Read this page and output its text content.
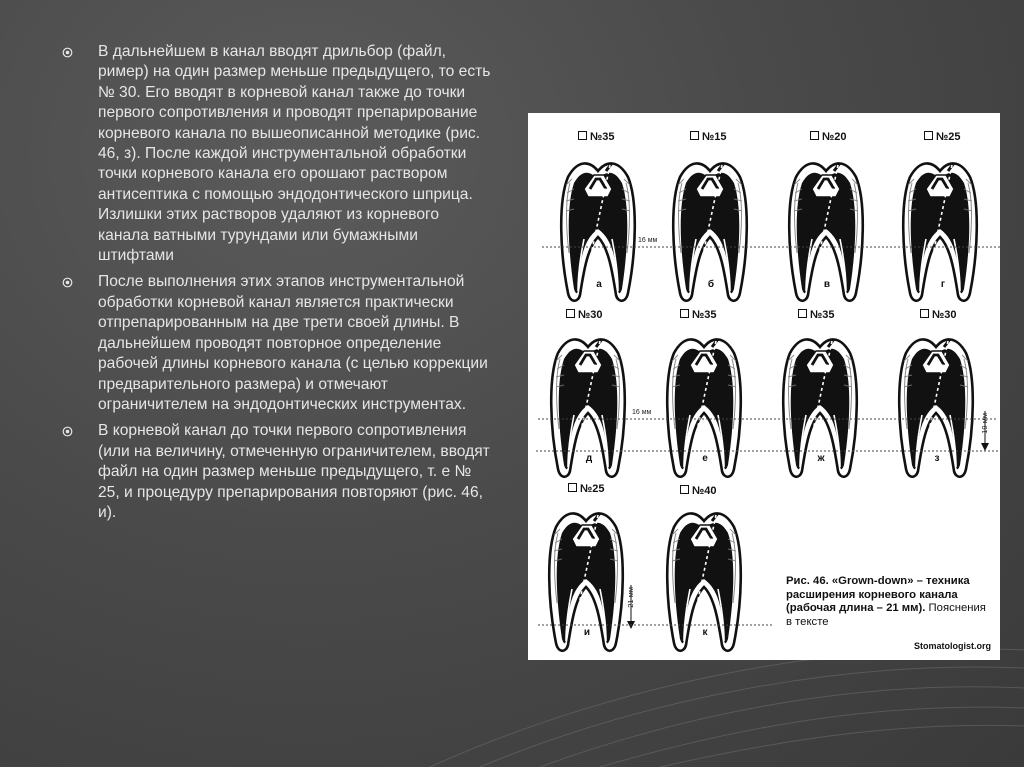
В дальнейшем в канал вводят дрильбор (файл, ример) на один размер меньше предыдущего, то есть № 30. Его вводят в корневой канал также до точки первого сопротивления и проводят препарирование корневого канала по вышеописанной методике (рис. 46, з). После каждой инструментальной обработки точки корневого канала его орошают раствором антисептика с помощью эндодонтического шприца. Излишки этих растворов удаляют из корневого канала ватными турундами или бумажными штифтами
После выполнения этих этапов инструментальной обработки корневой канал является практически отпрепарированным на две трети своей длины. В дальнейшем проводят повторное определение рабочей длины корневого канала (с целью коррекции предварительного размера) и отмечают ограничителем на эндодонтических инструментах.
В корневой канал до точки первого сопротивления (или на величину, отмеченную ограничителем, вводят файл на один размер меньше предыдущего, т. е № 25, и процедуру препарирования повторяют (рис. 46, и).
№35
а
№15
б
№20
в
№25
г
16 мм
№30
д
№35
е
№35
ж
№30
з
16 мм
19 мм
№25
и
№40
к
21 мм
Рис. 46. «Grown-down» – техника расширения корневого канала (рабочая длина – 21 мм). Пояснения в тексте
Stomatologist.org
